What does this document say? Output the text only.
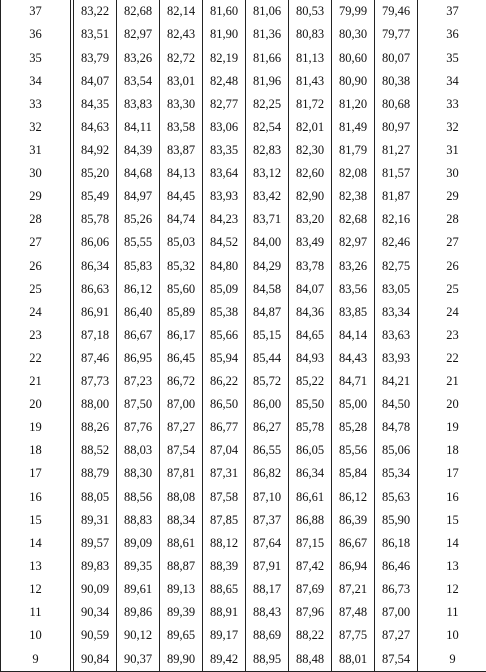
37		83,22	82,68	82,14	81,60	81,06	80,53	79,99	79,46	37
36		83,51	82,97	82,43	81,90	81,36	80,83	80,30	79,77	36
35		83,79	83,26	82,72	82,19	81,66	81,13	80,60	80,07	35
34		84,07	83,54	83,01	82,48	81,96	81,43	80,90	80,38	34
33		84,35	83,83	83,30	82,77	82,25	81,72	81,20	80,68	33
32		84,63	84,11	83,58	83,06	82,54	82,01	81,49	80,97	32
31		84,92	84,39	83,87	83,35	82,83	82,30	81,79	81,27	31
30		85,20	84,68	84,13	83,64	83,12	82,60	82,08	81,57	30
29		85,49	84,97	84,45	83,93	83,42	82,90	82,38	81,87	29
28		85,78	85,26	84,74	84,23	83,71	83,20	82,68	82,16	28
27		86,06	85,55	85,03	84,52	84,00	83,49	82,97	82,46	27
26		86,34	85,83	85,32	84,80	84,29	83,78	83,26	82,75	26
25		86,63	86,12	85,60	85,09	84,58	84,07	83,56	83,05	25
24		86,91	86,40	85,89	85,38	84,87	84,36	83,85	83,34	24
23		87,18	86,67	86,17	85,66	85,15	84,65	84,14	83,63	23
22		87,46	86,95	86,45	85,94	85,44	84,93	84,43	83,93	22
21		87,73	87,23	86,72	86,22	85,72	85,22	84,71	84,21	21
20		88,00	87,50	87,00	86,50	86,00	85,50	85,00	84,50	20
19		88,26	87,76	87,27	86,77	86,27	85,78	85,28	84,78	19
18		88,52	88,03	87,54	87,04	86,55	86,05	85,56	85,06	18
17		88,79	88,30	87,81	87,31	86,82	86,34	85,84	85,34	17
16		88,05	88,56	88,08	87,58	87,10	86,61	86,12	85,63	16
15		89,31	88,83	88,34	87,85	87,37	86,88	86,39	85,90	15
14		89,57	89,09	88,61	88,12	87,64	87,15	86,67	86,18	14
13		89,83	89,35	88,87	88,39	87,91	87,42	86,94	86,46	13
12		90,09	89,61	89,13	88,65	88,17	87,69	87,21	86,73	12
11		90,34	89,86	89,39	88,91	88,43	87,96	87,48	87,00	11
10		90,59	90,12	89,65	89,17	88,69	88,22	87,75	87,27	10
9		90,84	90,37	89,90	89,42	88,95	88,48	88,01	87,54	9
